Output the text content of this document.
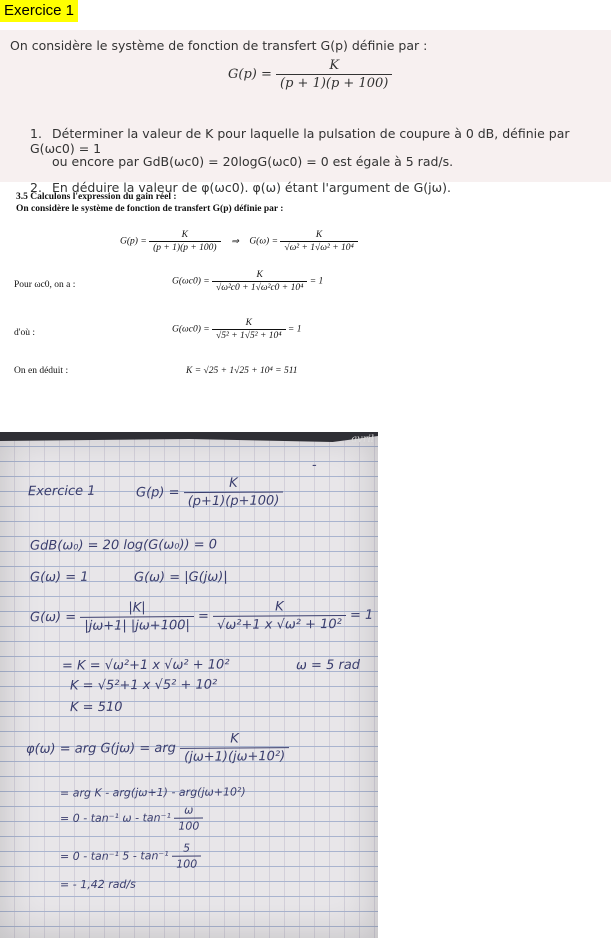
Exercice 1
On considère le système de fonction de transfert G(p) définie par :
$G(p) = \frac{K}{(p + 1)(p + 100)}$
1. Déterminer la valeur de K pour laquelle la pulsation de coupure à 0 dB, définie par G(ωc0) = 1
ou encore par GdB(ωc0) = 20logG(ωc0) = 0 est égale à 5 rad/s.
2. En déduire la valeur de φ(ωc0). φ(ω) étant l'argument de G(jω).
3.5 Calculons l'expression du gain réel :
On considère le système de fonction de transfert G(p) définie par :
$G(p) = \frac{K}{(p + 1)(p + 100)}$ ⇒ $G(\omega) = \frac{K}{\text{√ω² + 1√ω² + 10⁴}}$
Pour ωc0, on a :	$G(\omega c0) = \frac{K}{\text{√ω²c0 + 1√ω²c0 + 10⁴}} = 1$
d'où :	$G(\omega c0) = \frac{K}{\text{√5² + 1√5² + 10⁴}} = 1$
On en déduit :	K = √25 + 1√25 + 10⁴ = 511
avril
-
Exercice 1	$G(p) = \frac{K}{(p+1)(p+100)}$
GdB(ω₀) = 20 log(G(ω₀)) = 0
G(ω) = 1	G(ω) = |G(jω)|
$G(\omega) = \frac{|K|}{|j\omega+1| |j\omega+100|} = \frac{K}{\text{√ω²+1 x √ω² + 10²}} = 1$
= K = √ω²+1 x √ω² + 10²	ω = 5 rad
K = √5²+1 x √5² + 10²
K = 510
φ(ω) = arg G(jω) = arg $\frac{K}{\text{(jω+1)(jω+10²)}}$
= arg K - arg(jω+1) - arg(jω+10²)
= 0 - tan⁻¹ ω - $\tan^{-1} \frac{\omega}{100}$
= 0 - tan⁻¹ $5 - \tan^{-1} \frac{5}{100}$
= - 1,42 rad/s
